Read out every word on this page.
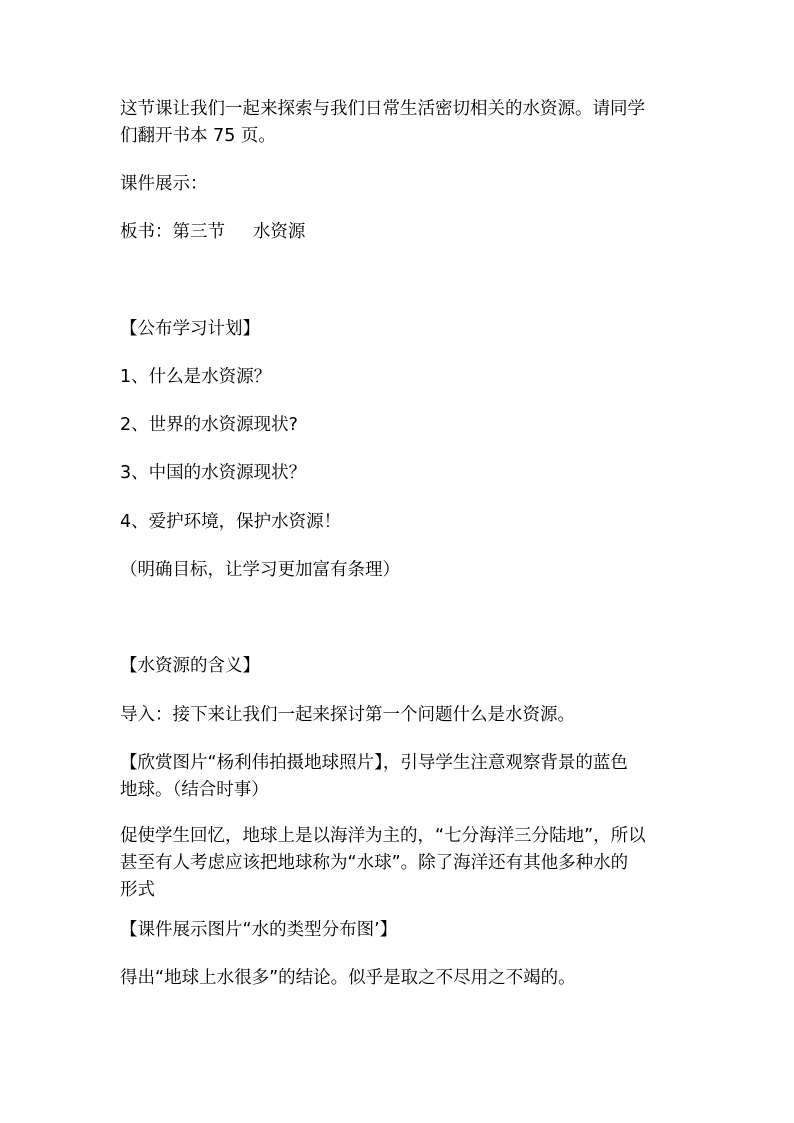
这节课让我们一起来探索与我们日常生活密切相关的水资源。请同学

们翻开书本 75 页。

课件展示：

板书：第三节     水资源

【公布学习计划】

1、什么是水资源？

2、世界的水资源现状?

3、中国的水资源现状？

4、爱护环境，保护水资源！

（明确目标，让学习更加富有条理）

【水资源的含义】

导入：接下来让我们一起来探讨第一个问题什么是水资源。

【欣赏图片“杨利伟拍摄地球照片】，引导学生注意观察背景的蓝色

地球。（结合时事）

促使学生回忆，地球上是以海洋为主的，“七分海洋三分陆地”，所以

甚至有人考虑应该把地球称为“水球”。除了海洋还有其他多种水的

形式

【课件展示图片“水的类型分布图’】

得出“地球上水很多”的结论。似乎是取之不尽用之不竭的。
